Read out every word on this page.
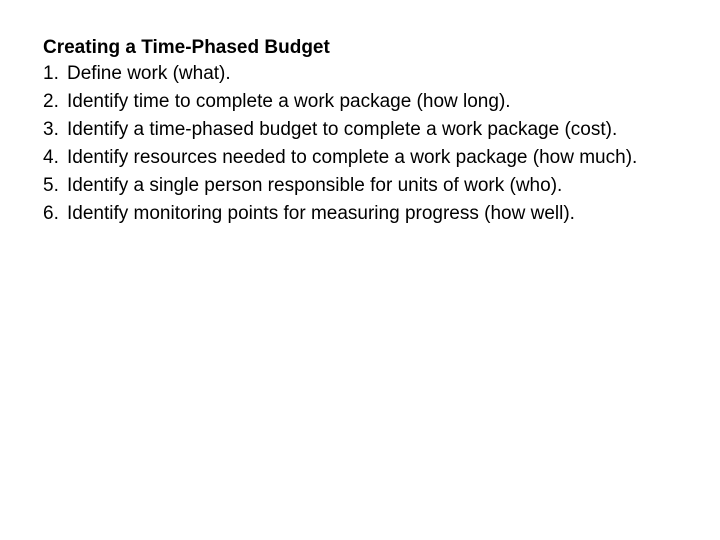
Creating a Time-Phased Budget
1. Define work (what).
2. Identify time to complete a work package (how long).
3. Identify a time-phased budget to complete a work package (cost).
4. Identify resources needed to complete a work package (how much).
5. Identify a single person responsible for units of work (who).
6. Identify monitoring points for measuring progress (how well).
